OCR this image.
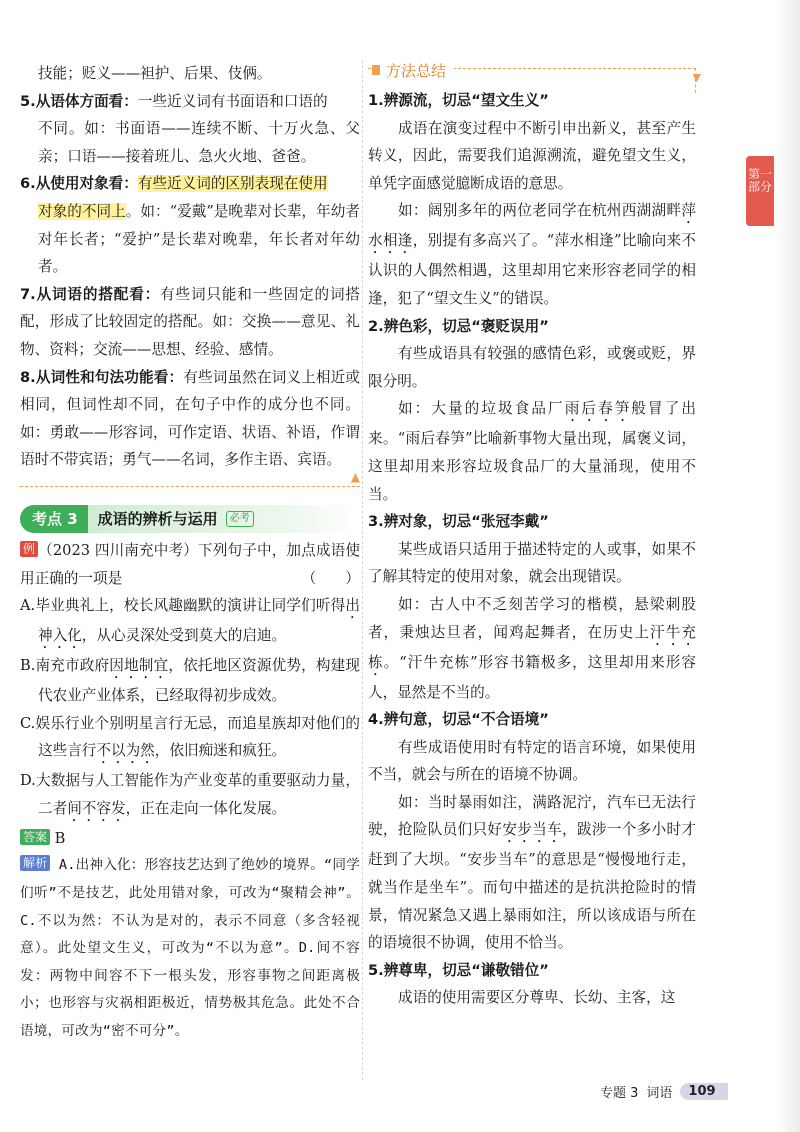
技能；贬义——袒护、后果、伎俩。

5.从语体方面看：一些近义词有书面语和口语的

不同。如：书面语——连续不断、十万火急、父亲；口语——接着班儿、急火火地、爸爸。

6.从使用对象看：有些近义词的区别表现在使用

对象的不同上。如：“爱戴”是晚辈对长辈，年幼者对年长者；“爱护”是长辈对晚辈，年长者对年幼者。

7.从词语的搭配看：有些词只能和一些固定的词搭配，形成了比较固定的搭配。如：交换——意见、礼物、资料；交流——思想、经验、感情。

8.从词性和句法功能看：有些词虽然在词义上相近或相同，但词性却不同，在句子中作的成分也不同。如：勇敢——形容词，可作定语、状语、补语，作谓语时不带宾语；勇气——名词，多作主语、宾语。

▲
考点 3	成语的辨析与运用	必考

例 （2023 四川南充中考）下列句子中，加点成语使用正确的一项是	（　　）

A.毕业典礼上，校长风趣幽默的演讲让同学们听得出神入化，从心灵深处受到莫大的启迪。

B.南充市政府因地制宜，依托地区资源优势，构建现代农业产业体系，已经取得初步成效。

C.娱乐行业个别明星言行无忌，而追星族却对他们的这些言行不以为然，依旧痴迷和疯狂。

D.大数据与人工智能作为产业变革的重要驱动力量，二者间不容发，正在走向一体化发展。

答案 B

解析 A.出神入化：形容技艺达到了绝妙的境界。“同学们听”不是技艺，此处用错对象，可改为“聚精会神”。C.不以为然：不认为是对的，表示不同意（多含轻视意）。此处望文生义，可改为“不以为意”。D.间不容发：两物中间容不下一根头发，形容事物之间距离极小；也形容与灾祸相距极近，情势极其危急。此处不合语境，可改为“密不可分”。

方法总结	▼

1.辨源流，切忌“望文生义”

成语在演变过程中不断引申出新义，甚至产生转义，因此，需要我们追源溯流，避免望文生义，单凭字面感觉臆断成语的意思。

如：阔别多年的两位老同学在杭州西湖湖畔萍水相逢，别提有多高兴了。“萍水相逢”比喻向来不认识的人偶然相遇，这里却用它来形容老同学的相逢，犯了“望文生义”的错误。

2.辨色彩，切忌“褒贬误用”

有些成语具有较强的感情色彩，或褒或贬，界限分明。

如：大量的垃圾食品厂雨后春笋般冒了出来。“雨后春笋”比喻新事物大量出现，属褒义词，这里却用来形容垃圾食品厂的大量涌现，使用不当。

3.辨对象，切忌“张冠李戴”

某些成语只适用于描述特定的人或事，如果不了解其特定的使用对象，就会出现错误。

如：古人中不乏刻苦学习的楷模，悬梁刺股者，秉烛达旦者，闻鸡起舞者，在历史上汗牛充栋。“汗牛充栋”形容书籍极多，这里却用来形容人，显然是不当的。

4.辨句意，切忌“不合语境”

有些成语使用时有特定的语言环境，如果使用不当，就会与所在的语境不协调。

如：当时暴雨如注，满路泥泞，汽车已无法行驶，抢险队员们只好安步当车，跋涉一个多小时才赶到了大坝。“安步当车”的意思是“慢慢地行走，就当作是坐车”。而句中描述的是抗洪抢险时的情景，情况紧急又遇上暴雨如注，所以该成语与所在的语境很不协调，使用不恰当。

5.辨尊卑，切忌“谦敬错位”

成语的使用需要区分尊卑、长幼、主客，这

第一部分
专题 3 词语	109
